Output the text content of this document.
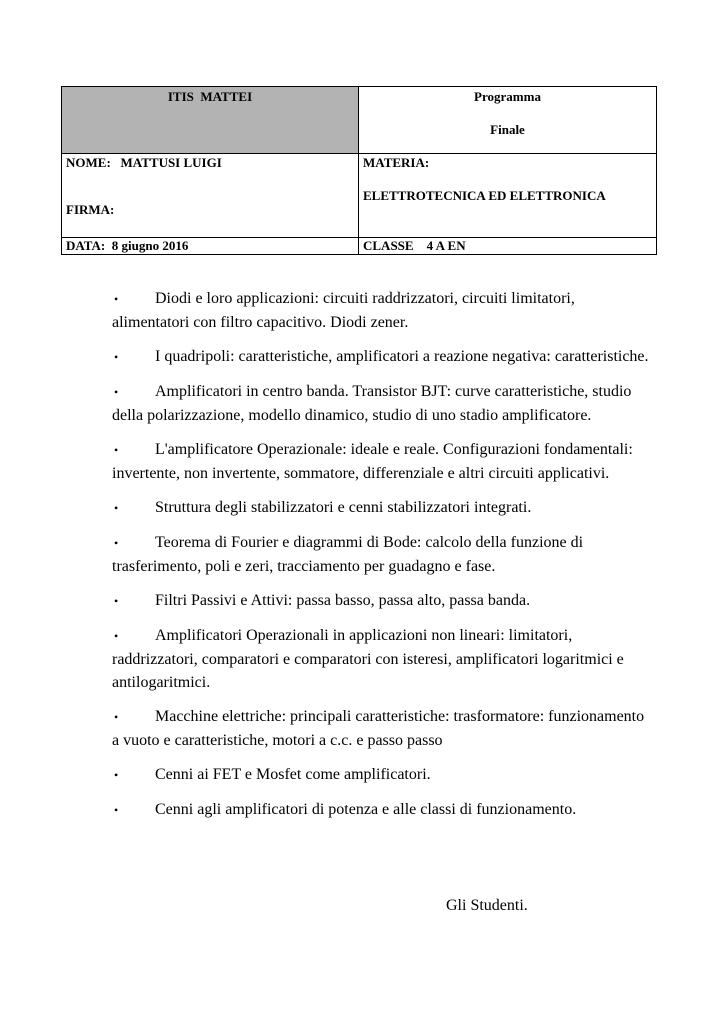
ITIS  MATTEI	Programma
Finale

NOME: MATTUSI LUIGI
FIRMA:	MATERIA:
ELETTROTECNICA ED ELETTRONICA

DATA: 8 giugno 2016	CLASSE 4 A EN
• Diodi e loro applicazioni: circuiti raddrizzatori, circuiti limitatori, alimentatori con filtro capacitivo. Diodi zener.
• I quadripoli: caratteristiche, amplificatori a reazione negativa: caratteristiche.
• Amplificatori in centro banda. Transistor BJT: curve caratteristiche, studio della polarizzazione, modello dinamico, studio di uno stadio amplificatore.
• L'amplificatore Operazionale: ideale e reale. Configurazioni fondamentali: invertente, non invertente, sommatore, differenziale e altri circuiti applicativi.
• Struttura degli stabilizzatori e cenni stabilizzatori integrati.
• Teorema di Fourier e diagrammi di Bode: calcolo della funzione di trasferimento, poli e zeri, tracciamento per guadagno e fase.
• Filtri Passivi e Attivi: passa basso, passa alto, passa banda.
• Amplificatori Operazionali in applicazioni non lineari: limitatori, raddrizzatori, comparatori e comparatori con isteresi, amplificatori logaritmici e antilogaritmici.
• Macchine elettriche: principali caratteristiche: trasformatore: funzionamento a vuoto e caratteristiche, motori a c.c. e passo passo
• Cenni ai FET e Mosfet come amplificatori.
• Cenni agli amplificatori di potenza e alle classi di funzionamento.
Gli Studenti.
